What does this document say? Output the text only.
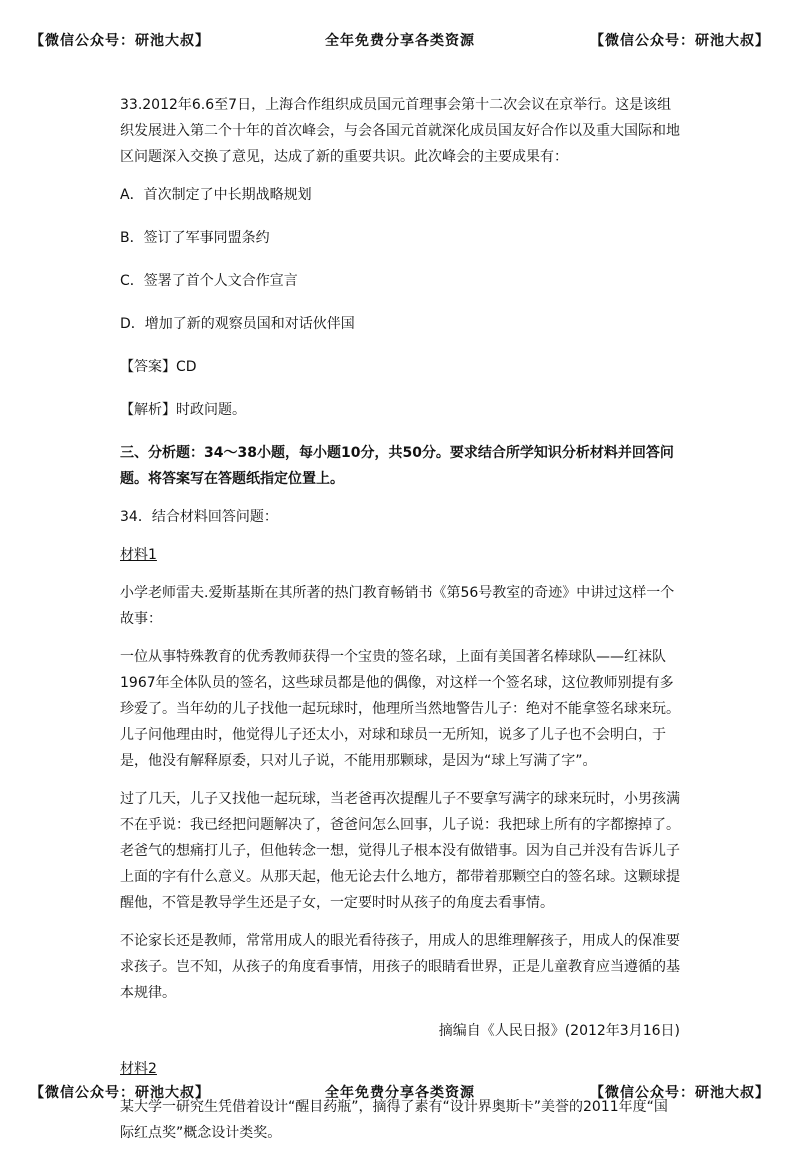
【微信公众号：研池大叔】	全年免费分享各类资源	【微信公众号：研池大叔】

33.2012年6.6至7日，上海合作组织成员国元首理事会第十二次会议在京举行。这是该组织发展进入第二个十年的首次峰会，与会各国元首就深化成员国友好合作以及重大国际和地区问题深入交换了意见，达成了新的重要共识。此次峰会的主要成果有：

A．首次制定了中长期战略规划

B．签订了军事同盟条约

C．签署了首个人文合作宣言

D．增加了新的观察员国和对话伙伴国

【答案】CD

【解析】时政问题。

三、分析题：34～38小题，每小题10分，共50分。要求结合所学知识分析材料并回答问题。将答案写在答题纸指定位置上。

34．结合材料回答问题：

材料1

小学老师雷夫.爱斯基斯在其所著的热门教育畅销书《第56号教室的奇迹》中讲过这样一个故事：

一位从事特殊教育的优秀教师获得一个宝贵的签名球，上面有美国著名棒球队——红袜队1967年全体队员的签名，这些球员都是他的偶像，对这样一个签名球，这位教师别提有多珍爱了。当年幼的儿子找他一起玩球时，他理所当然地警告儿子：绝对不能拿签名球来玩。儿子问他理由时，他觉得儿子还太小，对球和球员一无所知，说多了儿子也不会明白，于是，他没有解释原委，只对儿子说，不能用那颗球，是因为“球上写满了字”。

过了几天，儿子又找他一起玩球，当老爸再次提醒儿子不要拿写满字的球来玩时，小男孩满不在乎说：我已经把问题解决了，爸爸问怎么回事，儿子说：我把球上所有的字都擦掉了。老爸气的想痛打儿子，但他转念一想，觉得儿子根本没有做错事。因为自己并没有告诉儿子上面的字有什么意义。从那天起，他无论去什么地方，都带着那颗空白的签名球。这颗球提醒他，不管是教导学生还是子女，一定要时时从孩子的角度去看事情。

不论家长还是教师，常常用成人的眼光看待孩子，用成人的思维理解孩子，用成人的保准要求孩子。岂不知，从孩子的角度看事情，用孩子的眼睛看世界，正是儿童教育应当遵循的基本规律。

摘编自《人民日报》(2012年3月16日)

材料2

某大学一研究生凭借着设计“醒目药瓶”，摘得了素有“设计界奥斯卡”美誉的2011年度“国际红点奖”概念设计类奖。

【微信公众号：研池大叔】	全年免费分享各类资源	【微信公众号：研池大叔】
